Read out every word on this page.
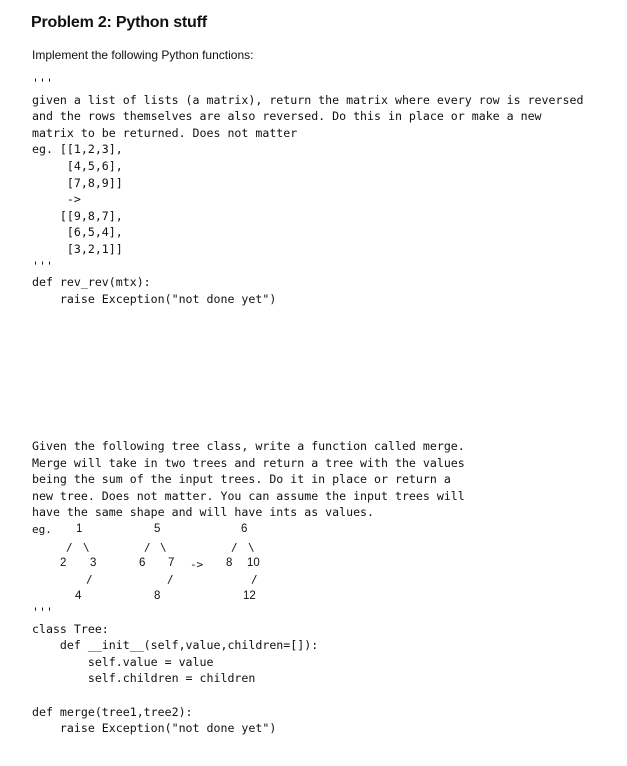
Problem 2: Python stuff
Implement the following Python functions:
'''
given a list of lists (a matrix), return the matrix where every row is reversed
and the rows themselves are also reversed. Do this in place or make a new
matrix to be returned. Does not matter
eg. [[1,2,3],
[4,5,6],
[7,8,9]]
->
[[9,8,7],
[6,5,4],
[3,2,1]]
'''
def rev_rev(mtx):
raise Exception("not done yet")
Given the following tree class, write a function called merge.
Merge will take in two trees and return a tree with the values
being the sum of the input trees. Do it in place or return a
new tree. Does not matter. You can assume the input trees will
have the same shape and will have ints as values.
eg. 1
/ \
2 3
/
4
5
/ \
6 7
/
8
->
6
/ \
8 10
/
12
'''
class Tree:
def __init__(self,value,children=[]):
self.value = value
self.children = children
def merge(tree1,tree2):
raise Exception("not done yet")
